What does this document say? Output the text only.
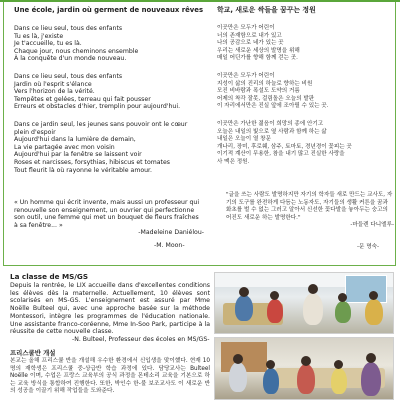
Une école, jardin où germent de nouveaux rêves
Dans ce lieu seul, tous des enfants
Tu es là, j'existe
Je t'accueille, tu es là.
Chaque jour, nous cheminons ensemble
À la conquête d'un monde nouveau.
Dans ce lieu seul, tous des enfants
Jardin où l'esprit s'élance
Vers l'horizon de la vérité.
Tempêtes et gelées, terreau qui fait pousser
Erreurs et obstacles d'hier, tremplin pour aujourd'hui.
Dans ce jardin seul, les jeunes sans pouvoir ont le cœur
plein d'espoir
Aujourd'hui dans la lumière de demain,
La vie partagée avec mon voisin
Aujourd'hui par la fenêtre se laissent voir
Roses et narcisses, forsythias, hibiscus et tomates
Tout fleurit là où rayonne le véritable amour.
학교, 새로운 싹들을 꿈꾸는 정원
이곳만은 모두가 어린이
너의 존재함으로 내가 있고
나의 공감으로 네가 있는 곳
우리는 새로운 세상의 발명을 위해
매일 어딘가를 향해 함께 걷는 곳.
이곳만은 모두가 어린이
지성이 삶의 진리의 하늘로 향하는 비원
모진 비바람과 폭설도 도약의 거름
어제의 착각 잘못, 걸림돌은 오늘의 발판
이 자리에서만은 진실 앞에 조아릴 수 있는 곳.
이곳만은 가난한 젊음이 희망의 종에 안기고
오늘은 내일의 빛으로 옆 사람과 함께 하는 삶
내일은 오늘이 열 창문
개나리, 장미, 후로췌, 삼주, 토마토, 경년경이 꽃피는 곳
이기적 계산이 무용한, 참을 내기 많고 진실한 사랑을
사 맥은 정원.
« Un homme qui écrit invente, mais aussi un professeur qui renouvelle son enseignement, un ouvrier qui perfectionne son outil, une femme qui met un bouquet de fleurs fraîches à sa fenêtre... »
-Madeleine Daniélou-
"글을 쓰는 사람도 발명하지만 자기의 학자들 새로 만드는 교사도, 자기의 도구를 완전하게 다듬는 노동자도, 자기들의 생활 커튼을 꿈과 화초를 벌 수 없는 그러고 알아서 신선한 꽃다발을 놓아두는 숭고의 어진도 새로운 하는 발명한다."
-마들렌 다니엘루-
-M. Moon-	-문 명숙-
La classe de MS/GS
Depuis la rentrée, le LIX accueille dans d'excellentes conditions les élèves dès la maternelle. Actuellement, 10 élèves sont scolarisés en MS-GS. L'enseignement est assuré par Mme Noëlle Bulteel qui, avec une approche basée sur la méthode Montessori, intègre les programmes de l'éducation nationale. Une assistante franco-coréenne, Mme In-Soo Park, participe à la réussite de cette nouvelle classe.
-N. Bulteel, Professeur des écoles en MS/GS-
프리스쿨반 개설
본교는 올해 프리스쿨 반을 개설해 우수한 환경에서 신입생을 맞이했다. 현재 10명의 재학생은 프리스쿨 중-상급반 학습 과정에 있다. 담당교사는 Bulteel Noëlle 이며, 수업은 프랑스 교육부의 공식 과정을 몬테소리 교육을 기본으로 하는 교육 방식을 통합하여 진행한다. 또한, 박인수 한-불 보조교사도 이 새로운 반의 성공을 이끌기 위해 작업들을 도와준다.
